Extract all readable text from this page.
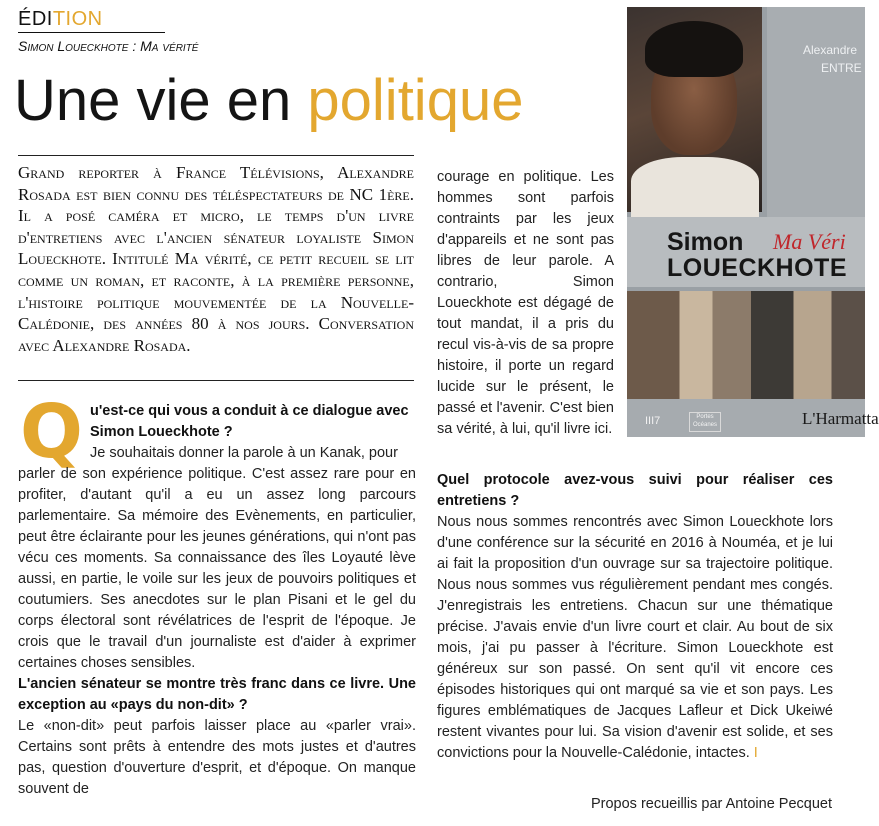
ÉDITION
Simon Loueckhote : Ma vérité
Une vie en politique

Grand reporter à France Télévisions, Alexandre Rosada est bien connu des téléspectateurs de NC 1ère. Il a posé caméra et micro, le temps d'un livre d'entretiens avec l'ancien sénateur loyaliste Simon Loueckhote. Intitulé Ma vérité, ce petit recueil se lit comme un roman, et raconte, à la première personne, l'histoire politique mouvementée de la Nouvelle-Calédonie, des années 80 à nos jours. Conversation avec Alexandre Rosada.

Q u'est-ce qui vous a conduit à ce dialogue avec Simon Loueckhote ?
Je souhaitais donner la parole à un Kanak, pour

parler de son expérience politique. C'est assez rare pour en profiter, d'autant qu'il a eu un assez long parcours parlementaire. Sa mémoire des Evènements, en particulier, peut être éclairante pour les jeunes générations, qui n'ont pas vécu ces moments. Sa connaissance des îles Loyauté lève aussi, en partie, le voile sur les jeux de pouvoirs politiques et coutumiers. Ses anecdotes sur le plan Pisani et le gel du corps électoral sont révélatrices de l'esprit de l'époque. Je crois que le travail d'un journaliste est d'aider à exprimer certaines choses sensibles.

L'ancien sénateur se montre très franc dans ce livre. Une exception au «pays du non-dit» ?

Le «non-dit» peut parfois laisser place au «parler vrai». Certains sont prêts à entendre des mots justes et d'autres pas, question d'ouverture d'esprit, et d'époque. On manque souvent de

courage en politique. Les hommes sont parfois contraints par les jeux d'appareils et ne sont pas libres de leur parole. A contrario, Simon Loueckhote est dégagé de tout mandat, il a pris du recul vis-à-vis de sa propre histoire, il porte un regard lucide sur le présent, le passé et l'avenir. C'est bien sa vérité, à lui, qu'il livre ici.

Quel protocole avez-vous suivi pour réaliser ces entretiens ?

Nous nous sommes rencontrés avec Simon Loueckhote lors d'une conférence sur la sécurité en 2016 à Nouméa, et je lui ai fait la proposition d'un ouvrage sur sa trajectoire politique. Nous nous sommes vus régulièrement pendant mes congés. J'enregistrais les entretiens. Chacun sur une thématique précise. J'avais envie d'un livre court et clair. Au bout de six mois, j'ai pu passer à l'écriture. Simon Loueckhote est généreux sur son passé. On sent qu'il vit encore ces épisodes historiques qui ont marqué sa vie et son pays. Les figures emblématiques de Jacques Lafleur et Dick Ukeiwé restent vivantes pour lui. Sa vision d'avenir est solide, et ses convictions pour la Nouvelle-Calédonie, intactes. I

Propos recueillis par Antoine Pecquet
Alexandre
ENTRE
Simon Ma Véri
LOUECKHOTE
III7	Portes Océanes	L'Harmatta
